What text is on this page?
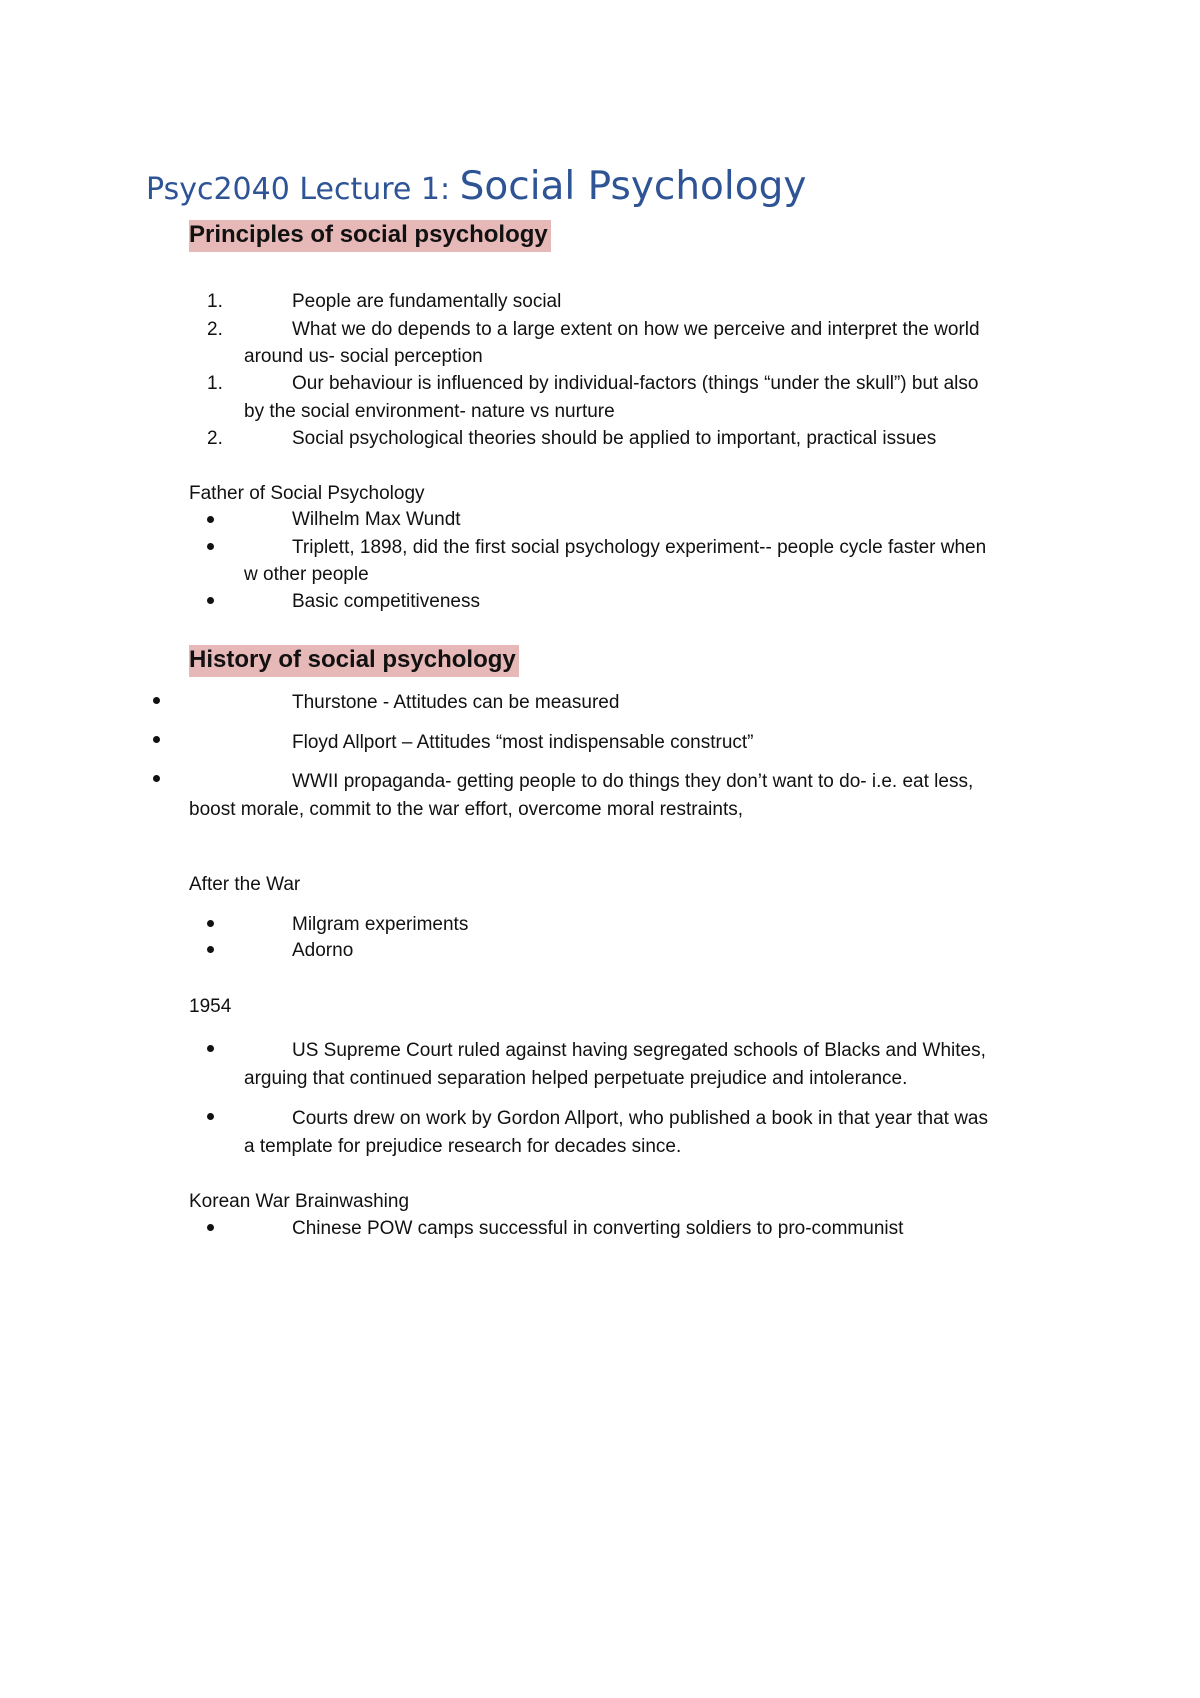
Psyc2040 Lecture 1: Social Psychology
Principles of social psychology
1.	People are fundamentally social
2.	What we do depends to a large extent on how we perceive and interpret the world
around us- social perception
1.	Our behaviour is influenced by individual-factors (things “under the skull”) but also
by the social environment- nature vs nurture
2.	Social psychological theories should be applied to important, practical issues
Father of Social Psychology
Wilhelm Max Wundt
Triplett, 1898, did the first social psychology experiment-- people cycle faster when
w other people
Basic competitiveness
History of social psychology
Thurstone - Attitudes can be measured
Floyd Allport – Attitudes “most indispensable construct”
WWII propaganda- getting people to do things they don’t want to do- i.e. eat less,
boost morale, commit to the war effort, overcome moral restraints,
After the War
Milgram experiments
Adorno
1954
US Supreme Court ruled against having segregated schools of Blacks and Whites,
arguing that continued separation helped perpetuate prejudice and intolerance.
Courts drew on work by Gordon Allport, who published a book in that year that was
a template for prejudice research for decades since.
Korean War Brainwashing
Chinese POW camps successful in converting soldiers to pro-communist
